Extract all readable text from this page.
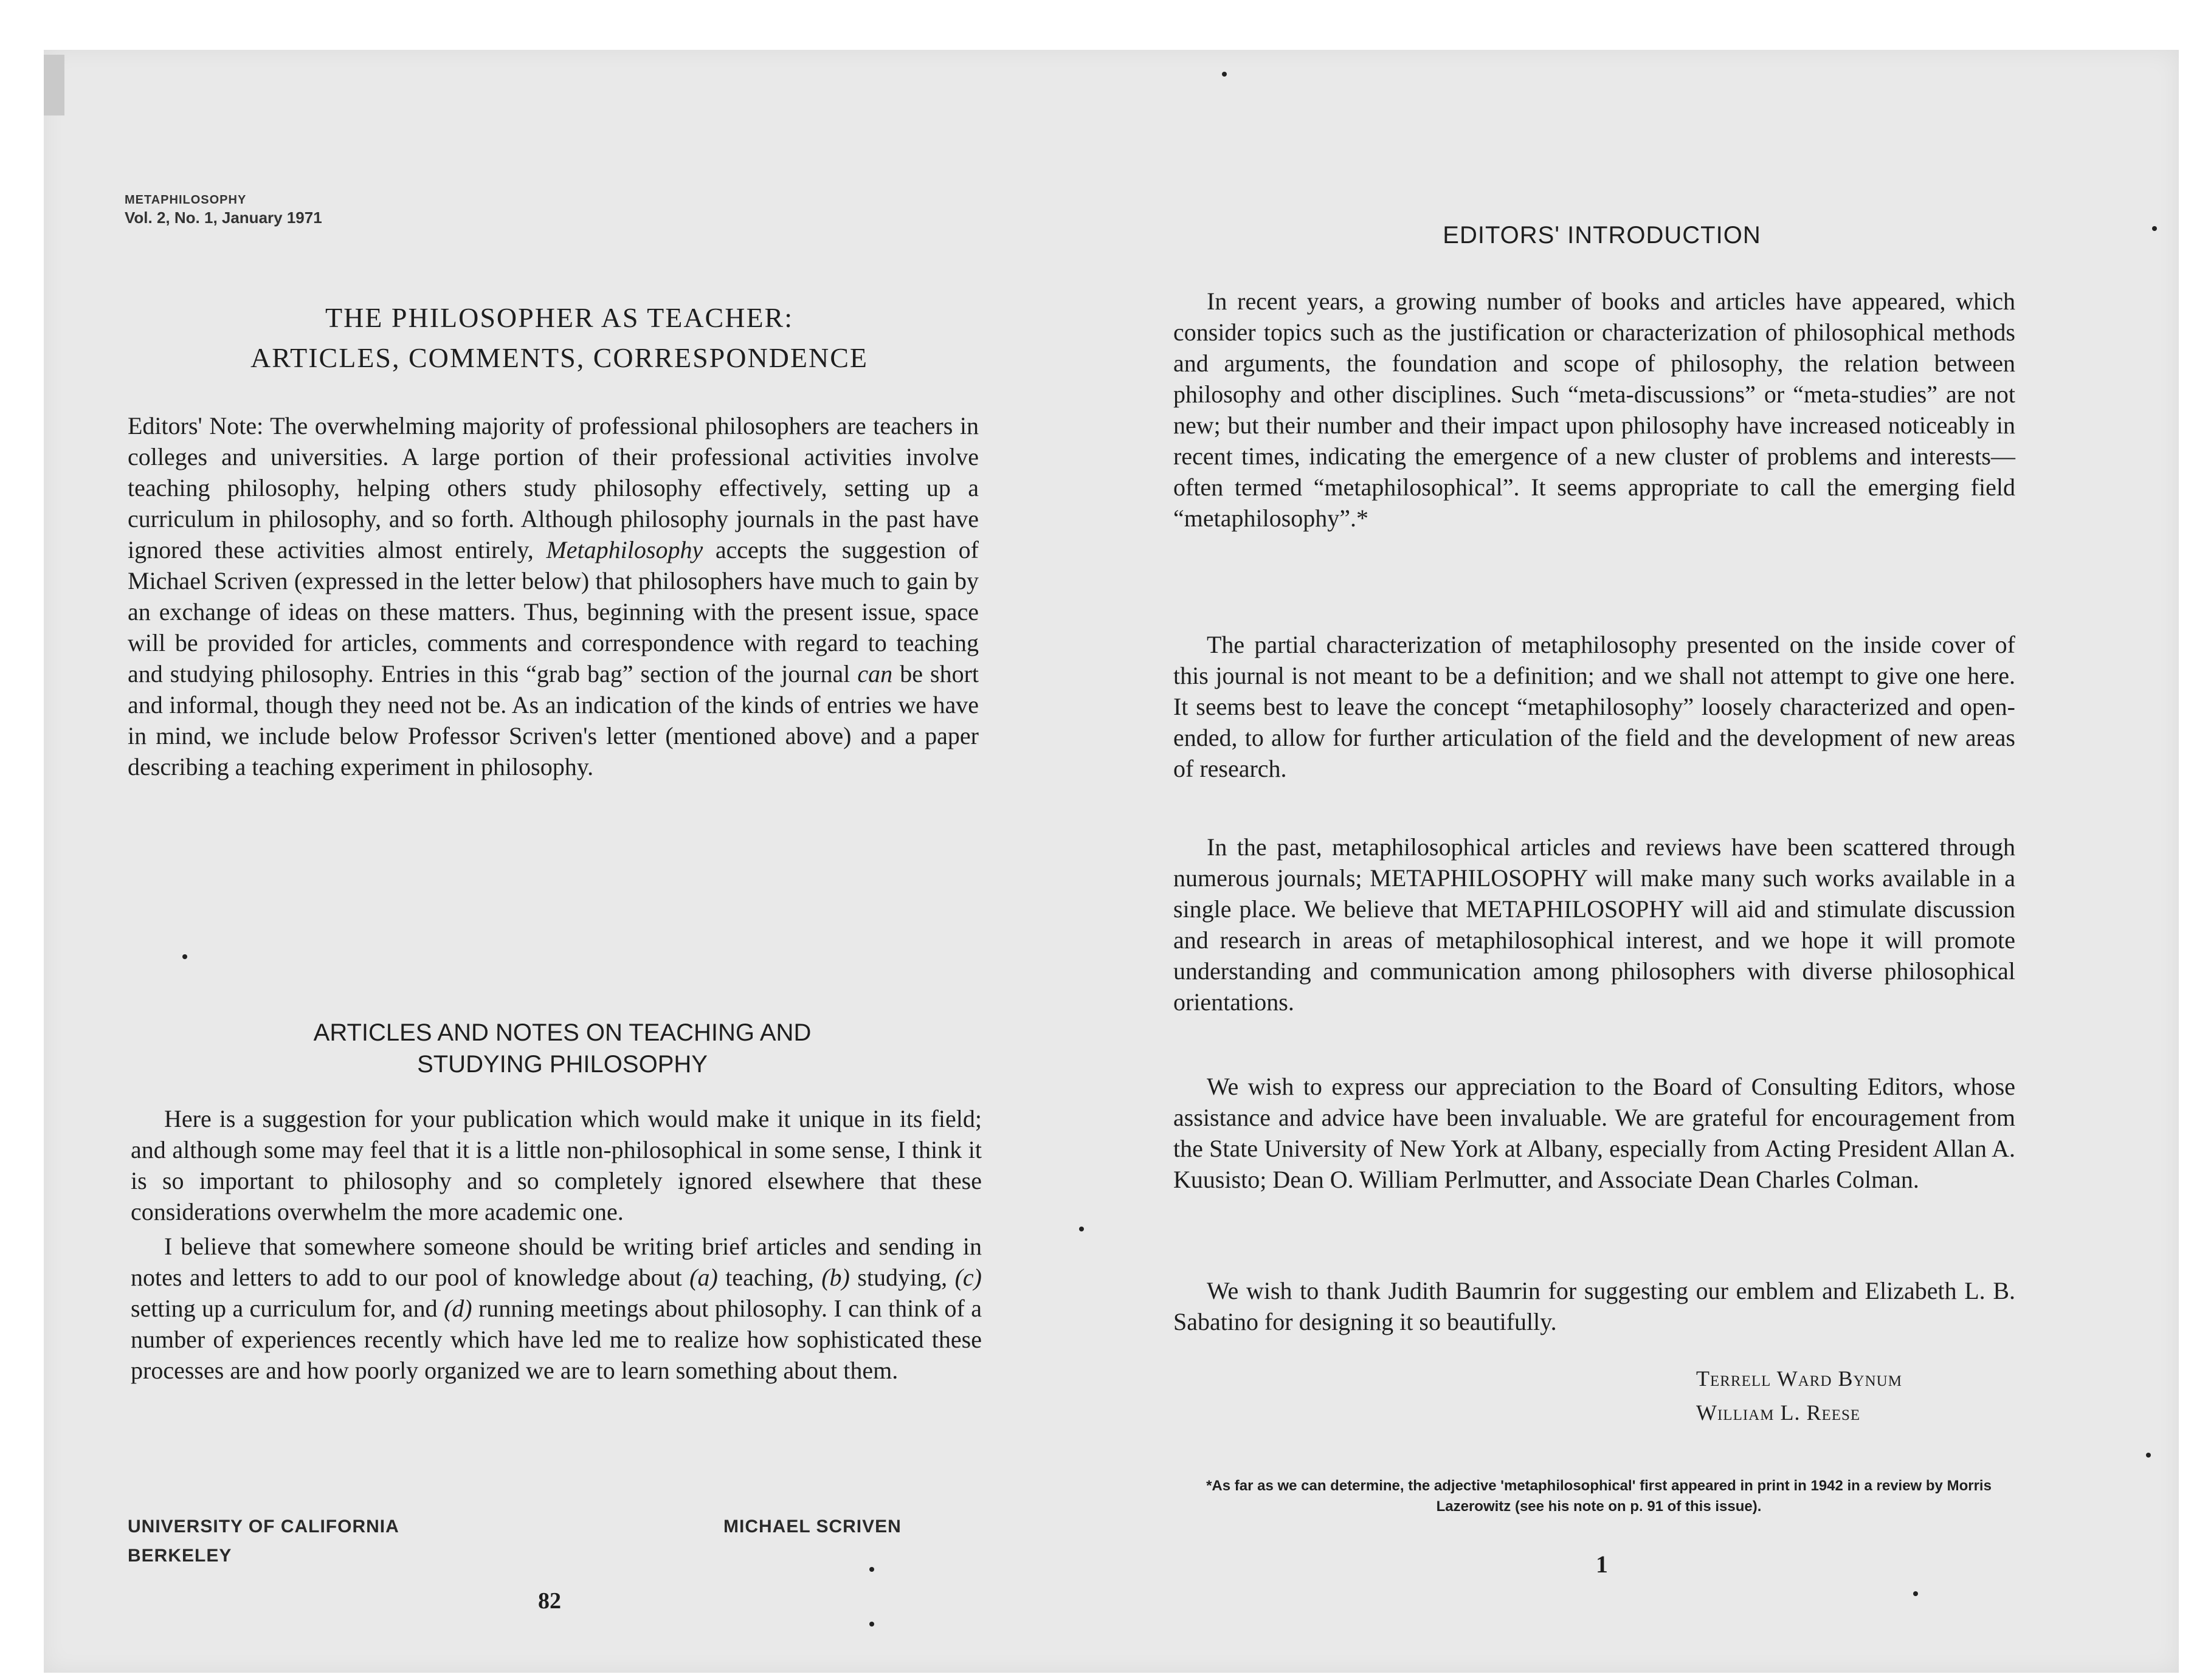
METAPHILOSOPHY
Vol. 2, No. 1, January 1971
THE PHILOSOPHER AS TEACHER:
ARTICLES, COMMENTS, CORRESPONDENCE

Editors' Note: The overwhelming majority of professional philosophers are teachers in colleges and universities. A large portion of their professional activities involve teaching philosophy, helping others study philosophy effectively, setting up a curriculum in philosophy, and so forth. Although philosophy journals in the past have ignored these activities almost entirely, Metaphilosophy accepts the suggestion of Michael Scriven (expressed in the letter below) that philosophers have much to gain by an exchange of ideas on these matters. Thus, beginning with the present issue, space will be provided for articles, comments and correspondence with regard to teaching and studying philosophy. Entries in this “grab bag” section of the journal can be short and informal, though they need not be. As an indication of the kinds of entries we have in mind, we include below Professor Scriven's letter (mentioned above) and a paper describing a teaching experiment in philosophy.

ARTICLES AND NOTES ON TEACHING AND
STUDYING PHILOSOPHY

Here is a suggestion for your publication which would make it unique in its field; and although some may feel that it is a little non-philosophical in some sense, I think it is so important to philosophy and so completely ignored elsewhere that these considerations overwhelm the more academic one.

I believe that somewhere someone should be writing brief articles and sending in notes and letters to add to our pool of knowledge about (a) teaching, (b) studying, (c) setting up a curriculum for, and (d) running meetings about philosophy. I can think of a number of experiences recently which have led me to realize how sophisticated these processes are and how poorly organized we are to learn something about them.

UNIVERSITY OF CALIFORNIA
BERKELEY
MICHAEL SCRIVEN
82
EDITORS' INTRODUCTION

In recent years, a growing number of books and articles have appeared, which consider topics such as the justification or characterization of philosophical methods and arguments, the foundation and scope of philosophy, the relation between philosophy and other disciplines. Such “meta-discussions” or “meta-studies” are not new; but their number and their impact upon philosophy have increased noticeably in recent times, indicating the emergence of a new cluster of problems and interests—often termed “metaphilosophical”. It seems appropriate to call the emerging field “metaphilosophy”.*

The partial characterization of metaphilosophy presented on the inside cover of this journal is not meant to be a definition; and we shall not attempt to give one here. It seems best to leave the concept “metaphilosophy” loosely characterized and open-ended, to allow for further articulation of the field and the development of new areas of research.

In the past, metaphilosophical articles and reviews have been scattered through numerous journals; METAPHILOSOPHY will make many such works available in a single place. We believe that METAPHILOSOPHY will aid and stimulate discussion and research in areas of metaphilosophical interest, and we hope it will promote understanding and communication among philosophers with diverse philosophical orientations.

We wish to express our appreciation to the Board of Consulting Editors, whose assistance and advice have been invaluable. We are grateful for encouragement from the State University of New York at Albany, especially from Acting President Allan A. Kuusisto; Dean O. William Perlmutter, and Associate Dean Charles Colman.

We wish to thank Judith Baumrin for suggesting our emblem and Elizabeth L. B. Sabatino for designing it so beautifully.

Terrell Ward Bynum
William L. Reese
*As far as we can determine, the adjective 'metaphilosophical' first appeared in print in 1942 in a review by Morris Lazerowitz (see his note on p. 91 of this issue).
1
